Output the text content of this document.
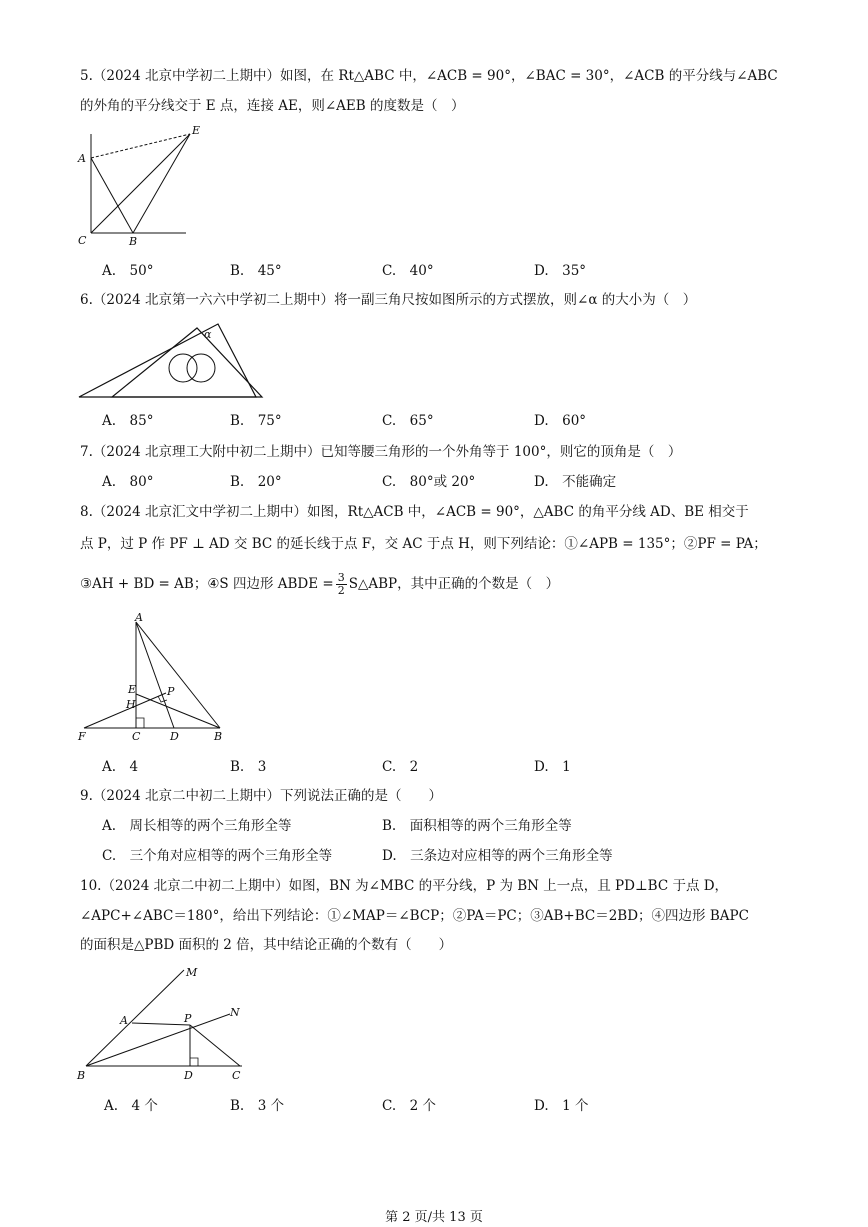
5.（2024 北京中学初二上期中）如图，在 Rt△ABC 中，∠ACB = 90°，∠BAC = 30°，∠ACB 的平分线与∠ABC
的外角的平分线交于 E 点，连接 AE，则∠AEB 的度数是（　）
A
E
C	B
A.　50°	B.　45°	C.　40°	D.　35°
6.（2024 北京第一六六中学初二上期中）将一副三角尺按如图所示的方式摆放，则∠α 的大小为（　）
α
A.　85°	B.　75°	C.　65°	D.　60°
7.（2024 北京理工大附中初二上期中）已知等腰三角形的一个外角等于 100°，则它的顶角是（　）
A.　80°	B.　20°	C.　80°或 20°	D.　不能确定
8.（2024 北京汇文中学初二上期中）如图，Rt△ACB 中，∠ACB = 90°，△ABC 的角平分线 AD、BE 相交于
点 P，过 P 作 PF ⊥ AD 交 BC 的延长线于点 F，交 AC 于点 H，则下列结论：①∠APB = 135°；②PF = PA；
③AH + BD = AB；④S 四边形 ABDE = $\frac{3}{2}$ S△ABP，其中正确的个数是（　）
A
E	P
H
F	C	D	B
A.　4	B.　3	C.　2	D.　1
9.（2024 北京二中初二上期中）下列说法正确的是（　　）
A.　周长相等的两个三角形全等	B.　面积相等的两个三角形全等
C.　三个角对应相等的两个三角形全等	D.　三条边对应相等的两个三角形全等
10.（2024 北京二中初二上期中）如图，BN 为∠MBC 的平分线，P 为 BN 上一点，且 PD⊥BC 于点 D，
∠APC+∠ABC＝180°，给出下列结论：①∠MAP＝∠BCP；②PA＝PC；③AB+BC＝2BD；④四边形 BAPC
的面积是△PBD 面积的 2 倍，其中结论正确的个数有（　　）
M
N
A	P
B	D	C
A.　4 个	B.　3 个	C.　2 个	D.　1 个
第 2 页/共 13 页
